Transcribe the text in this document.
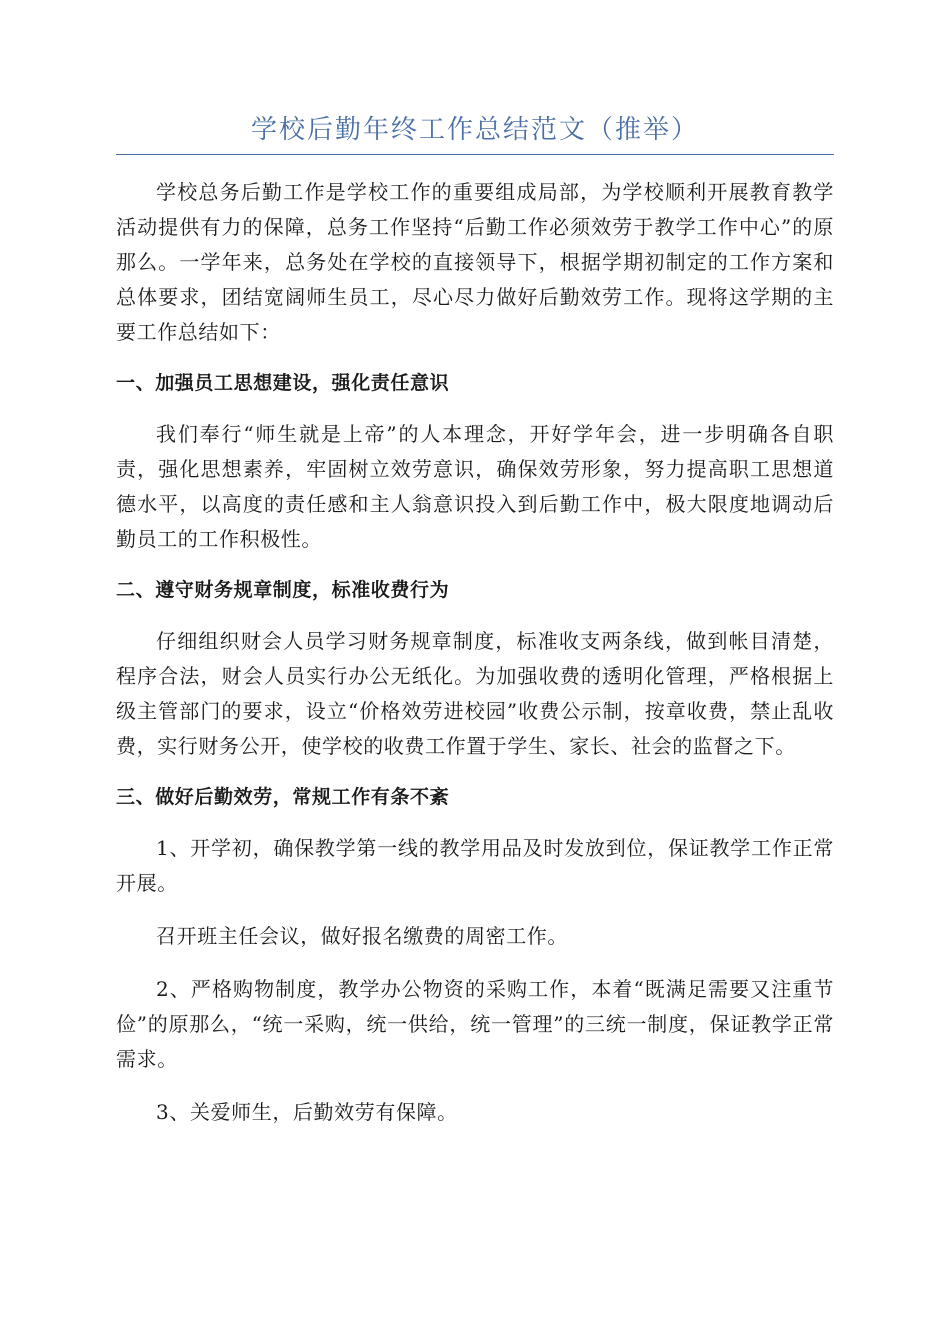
学校后勤年终工作总结范文（推举）

学校总务后勤工作是学校工作的重要组成局部，为学校顺利开展教育教学活动提供有力的保障，总务工作坚持“后勤工作必须效劳于教学工作中心”的原那么。一学年来，总务处在学校的直接领导下，根据学期初制定的工作方案和总体要求，团结宽阔师生员工，尽心尽力做好后勤效劳工作。现将这学期的主要工作总结如下：

一、加强员工思想建设，强化责任意识

我们奉行“师生就是上帝”的人本理念，开好学年会，进一步明确各自职责，强化思想素养，牢固树立效劳意识，确保效劳形象，努力提高职工思想道德水平，以高度的责任感和主人翁意识投入到后勤工作中，极大限度地调动后勤员工的工作积极性。

二、遵守财务规章制度，标准收费行为

仔细组织财会人员学习财务规章制度，标准收支两条线，做到帐目清楚，程序合法，财会人员实行办公无纸化。为加强收费的透明化管理，严格根据上级主管部门的要求，设立“价格效劳进校园”收费公示制，按章收费，禁止乱收费，实行财务公开，使学校的收费工作置于学生、家长、社会的监督之下。

三、做好后勤效劳，常规工作有条不紊

1、开学初，确保教学第一线的教学用品及时发放到位，保证教学工作正常开展。

召开班主任会议，做好报名缴费的周密工作。

2、严格购物制度，教学办公物资的采购工作，本着“既满足需要又注重节俭”的原那么，“统一采购，统一供给，统一管理”的三统一制度，保证教学正常需求。

3、关爱师生，后勤效劳有保障。
